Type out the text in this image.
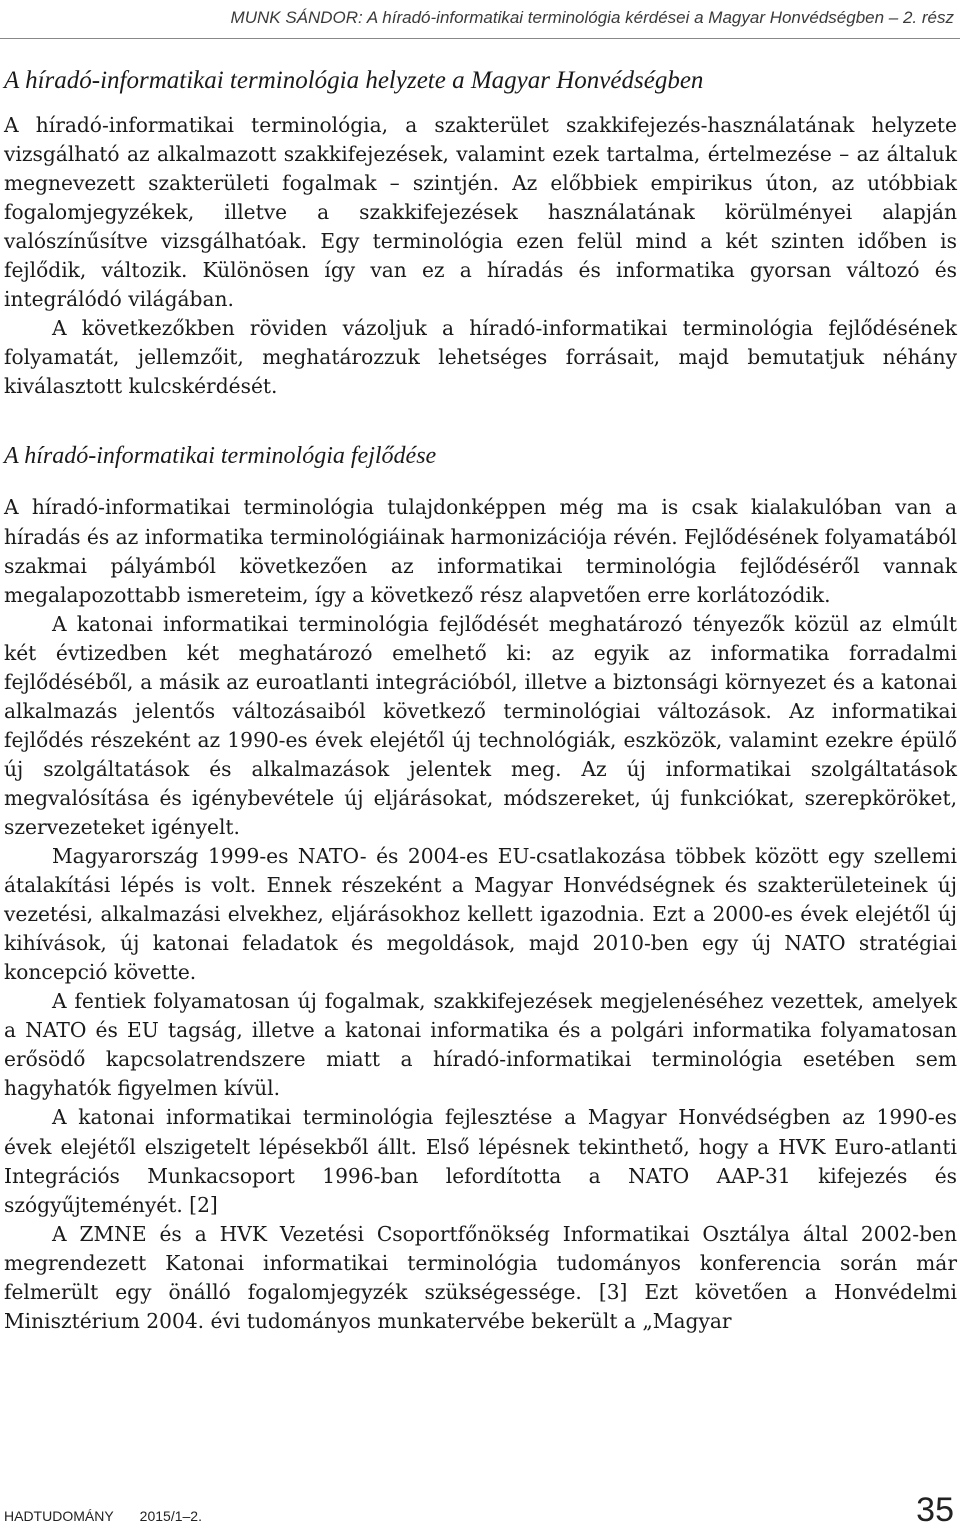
MUNK SÁNDOR: A híradó-informatikai terminológia kérdései a Magyar Honvédségben – 2. rész
A híradó-informatikai terminológia helyzete a Magyar Honvédségben

A híradó-informatikai terminológia, a szakterület szakkifejezés-használatának helyzete vizsgálható az alkalmazott szakkifejezések, valamint ezek tartalma, értelmezése – az általuk megnevezett szakterületi fogalmak – szintjén. Az előbbiek empirikus úton, az utóbbiak fogalomjegyzékek, illetve a szakkifejezések használatának körülményei alapján valószínűsítve vizsgálhatóak. Egy terminológia ezen felül mind a két szinten időben is fejlődik, változik. Különösen így van ez a híradás és informatika gyorsan változó és integrálódó világában.

A következőkben röviden vázoljuk a híradó-informatikai terminológia fejlődésének folyamatát, jellemzőit, meghatározzuk lehetséges forrásait, majd bemutatjuk néhány kiválasztott kulcskérdését.

A híradó-informatikai terminológia fejlődése

A híradó-informatikai terminológia tulajdonképpen még ma is csak kialakulóban van a híradás és az informatika terminológiáinak harmonizációja révén. Fejlődésének folyamatából szakmai pályámból következően az informatikai terminológia fejlődéséről vannak megalapozottabb ismereteim, így a következő rész alapvetően erre korlátozódik.

A katonai informatikai terminológia fejlődését meghatározó tényezők közül az elmúlt két évtizedben két meghatározó emelhető ki: az egyik az informatika forradalmi fejlődéséből, a másik az euroatlanti integrációból, illetve a biztonsági környezet és a katonai alkalmazás jelentős változásaiból következő terminológiai változások. Az informatikai fejlődés részeként az 1990-es évek elejétől új technológiák, eszközök, valamint ezekre épülő új szolgáltatások és alkalmazások jelentek meg. Az új informatikai szolgáltatások megvalósítása és igénybevétele új eljárásokat, módszereket, új funkciókat, szerepköröket, szervezeteket igényelt.

Magyarország 1999-es NATO- és 2004-es EU-csatlakozása többek között egy szellemi átalakítási lépés is volt. Ennek részeként a Magyar Honvédségnek és szakterületeinek új vezetési, alkalmazási elvekhez, eljárásokhoz kellett igazodnia. Ezt a 2000-es évek elejétől új kihívások, új katonai feladatok és megoldások, majd 2010-ben egy új NATO stratégiai koncepció követte.

A fentiek folyamatosan új fogalmak, szakkifejezések megjelenéséhez vezettek, amelyek a NATO és EU tagság, illetve a katonai informatika és a polgári informatika folyamatosan erősödő kapcsolatrendszere miatt a híradó-informatikai terminológia esetében sem hagyhatók figyelmen kívül.

A katonai informatikai terminológia fejlesztése a Magyar Honvédségben az 1990-es évek elejétől elszigetelt lépésekből állt. Első lépésnek tekinthető, hogy a HVK Euro-atlanti Integrációs Munkacsoport 1996-ban lefordította a NATO AAP-31 kifejezés és szógyűjteményét. [2]

A ZMNE és a HVK Vezetési Csoportfőnökség Informatikai Osztálya által 2002-ben megrendezett Katonai informatikai terminológia tudományos konferencia során már felmerült egy önálló fogalomjegyzék szükségessége. [3] Ezt követően a Honvédelmi Minisztérium 2004. évi tudományos munkatervébe bekerült a „Magyar

HADTUDOMÁNY 2015/1–2.	35
